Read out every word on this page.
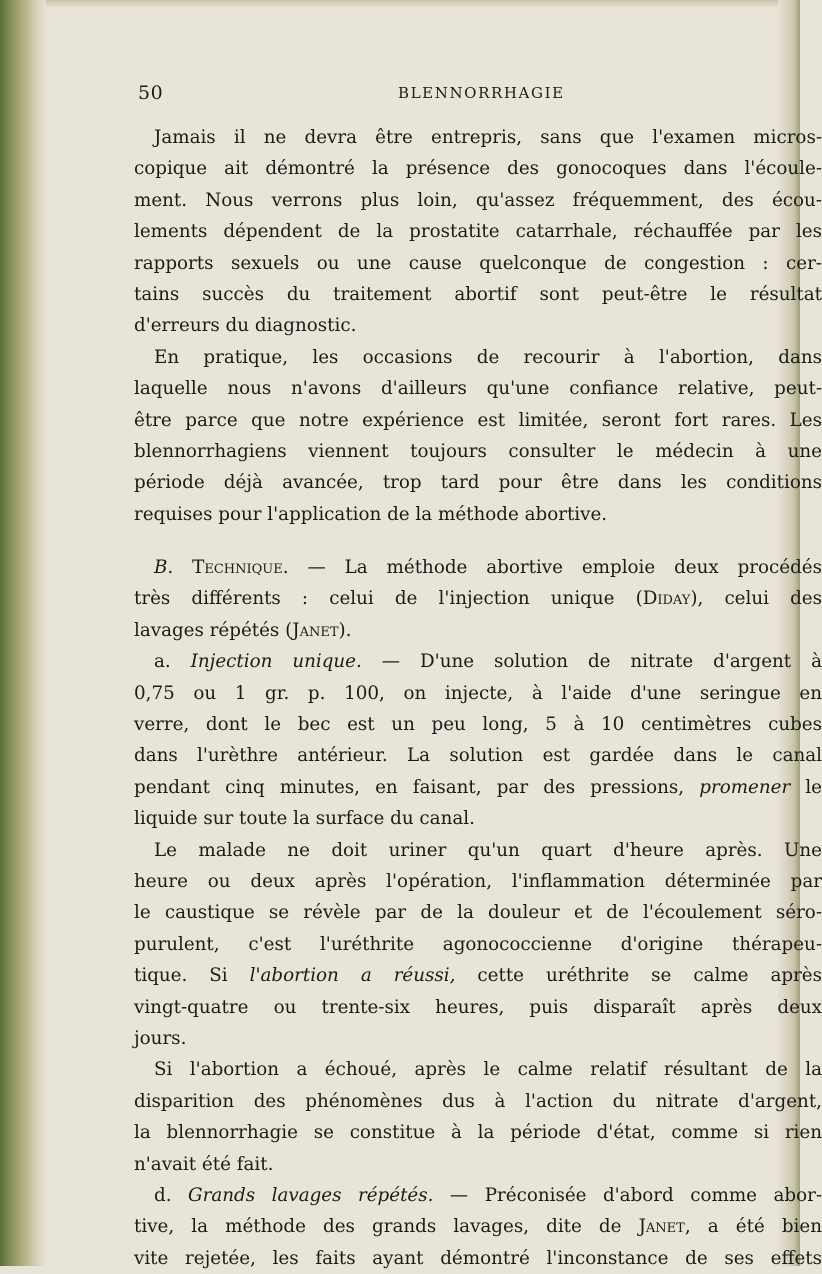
50	BLENNORRHAGIE
Jamais il ne devra être entrepris, sans que l'examen micros-
copique ait démontré la présence des gonocoques dans l'écoule-
ment. Nous verrons plus loin, qu'assez fréquemment, des écou-
lements dépendent de la prostatite catarrhale, réchauffée par les
rapports sexuels ou une cause quelconque de congestion : cer-
tains succès du traitement abortif sont peut-être le résultat
d'erreurs du diagnostic.
En pratique, les occasions de recourir à l'abortion, dans
laquelle nous n'avons d'ailleurs qu'une confiance relative, peut-
être parce que notre expérience est limitée, seront fort rares. Les
blennorrhagiens viennent toujours consulter le médecin à une
période déjà avancée, trop tard pour être dans les conditions
requises pour l'application de la méthode abortive.
B. Technique. — La méthode abortive emploie deux procédés
très différents : celui de l'injection unique (Diday), celui des
lavages répétés (Janet).
a. Injection unique. — D'une solution de nitrate d'argent à
0,75 ou 1 gr. p. 100, on injecte, à l'aide d'une seringue en
verre, dont le bec est un peu long, 5 à 10 centimètres cubes
dans l'urèthre antérieur. La solution est gardée dans le canal
pendant cinq minutes, en faisant, par des pressions, promener le
liquide sur toute la surface du canal.
Le malade ne doit uriner qu'un quart d'heure après. Une
heure ou deux après l'opération, l'inflammation déterminée par
le caustique se révèle par de la douleur et de l'écoulement séro-
purulent, c'est l'uréthrite agonococcienne d'origine thérapeu-
tique. Si l'abortion a réussi, cette uréthrite se calme après
vingt-quatre ou trente-six heures, puis disparaît après deux
jours.
Si l'abortion a échoué, après le calme relatif résultant de la
disparition des phénomènes dus à l'action du nitrate d'argent,
la blennorrhagie se constitue à la période d'état, comme si rien
n'avait été fait.
d. Grands lavages répétés. — Préconisée d'abord comme abor-
tive, la méthode des grands lavages, dite de Janet, a été bien
vite rejetée, les faits ayant démontré l'inconstance de ses effets
